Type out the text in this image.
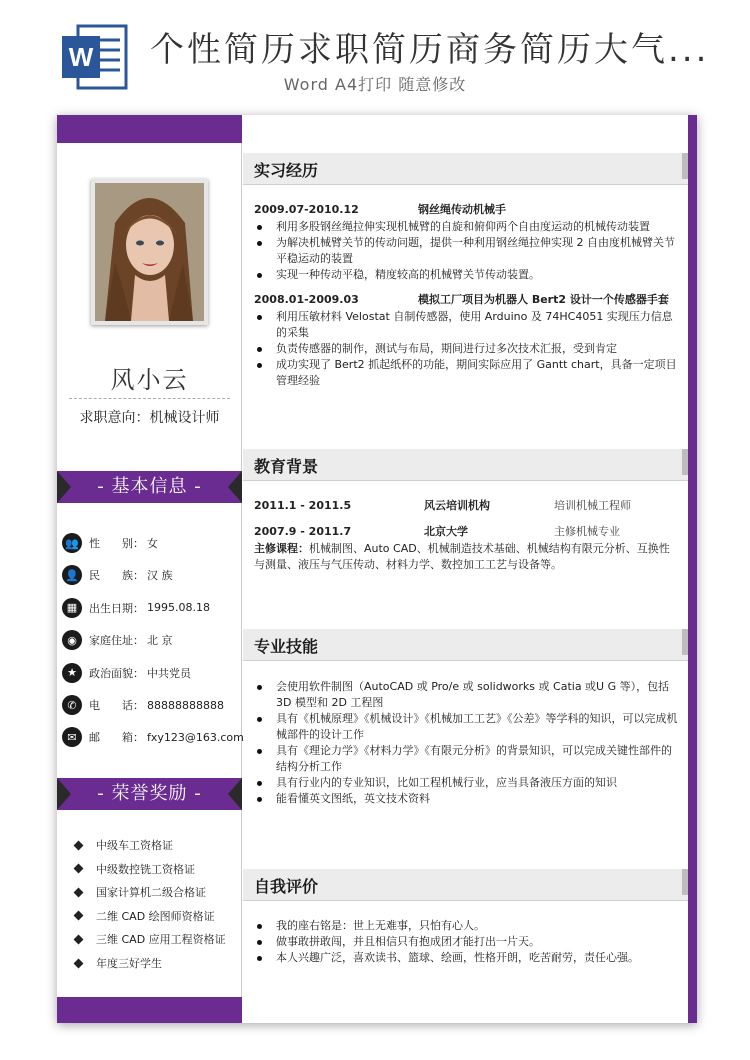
W 个性简历求职简历商务简历大气...
Word A4打印 随意修改
风小云
求职意向：机械设计师
- 基本信息 -
👥 性　　别： 女
👤 民　　族： 汉 族
▦	出生日期： 1995.08.18
◉	家庭住址： 北 京
★	政治面貌： 中共党员
✆	电　　话： 88888888888
✉	邮　　箱： fxy123@163.com
- 荣誉奖励 -
中级车工资格证
中级数控铣工资格证
国家计算机二级合格证
二维 CAD 绘图师资格证
三维 CAD 应用工程资格证
年度三好学生
实习经历
2009.07-2010.12	钢丝绳传动机械手
利用多股钢丝绳拉伸实现机械臂的自旋和俯仰两个自由度运动的机械传动装置
为解决机械臂关节的传动问题，提供一种利用钢丝绳拉伸实现 2 自由度机械臂关节平稳运动的装置
实现一种传动平稳，精度较高的机械臂关节传动装置。
2008.01-2009.03	模拟工厂项目为机器人 Bert2 设计一个传感器手套
利用压敏材料 Velostat 自制传感器，使用 Arduino 及 74HC4051 实现压力信息的采集
负责传感器的制作，测试与布局，期间进行过多次技术汇报，受到肯定
成功实现了 Bert2 抓起纸杯的功能，期间实际应用了 Gantt chart，具备一定项目管理经验
教育背景
2011.1 - 2011.5	风云培训机构	培训机械工程师
2007.9 - 2011.7	北京大学	主修机械专业
主修课程：机械制图、Auto CAD、机械制造技术基础、机械结构有限元分析、互换性与测量、液压与气压传动、材料力学、数控加工工艺与设备等。
专业技能
会使用软件制图（AutoCAD 或 Pro/e 或 solidworks 或 Catia 或U G 等），包括 3D 模型和 2D 工程图
具有《机械原理》《机械设计》《机械加工工艺》《公差》等学科的知识，可以完成机械部件的设计工作
具有《理论力学》《材料力学》《有限元分析》的背景知识，可以完成关键性部件的结构分析工作
具有行业内的专业知识，比如工程机械行业，应当具备液压方面的知识
能看懂英文图纸，英文技术资料
自我评价
我的座右铭是：世上无难事，只怕有心人。
做事敢拼敢闯，并且相信只有抱成团才能打出一片天。
本人兴趣广泛，喜欢读书、篮球、绘画，性格开朗，吃苦耐劳，责任心强。
